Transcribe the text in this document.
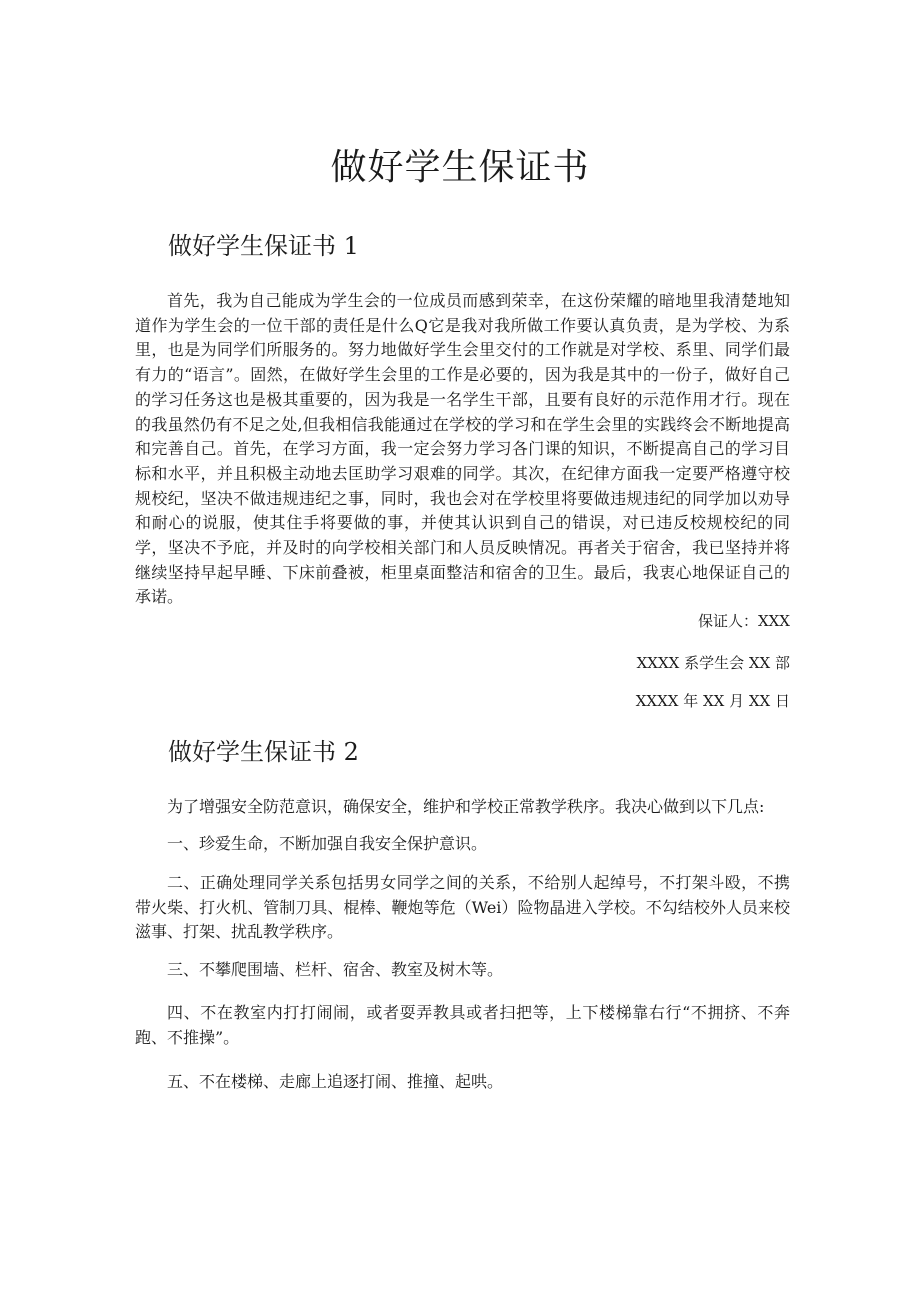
做好学生保证书
做好学生保证书 1

首先，我为自己能成为学生会的一位成员而感到荣幸，在这份荣耀的暗地里我清楚地知道作为学生会的一位干部的责任是什么Q它是我对我所做工作要认真负责，是为学校、为系里，也是为同学们所服务的。努力地做好学生会里交付的工作就是对学校、系里、同学们最有力的“语言”。固然，在做好学生会里的工作是必要的，因为我是其中的一份子，做好自己的学习任务这也是极其重要的，因为我是一名学生干部，且要有良好的示范作用才行。现在的我虽然仍有不足之处,但我相信我能通过在学校的学习和在学生会里的实践终会不断地提高和完善自己。首先，在学习方面，我一定会努力学习各门课的知识，不断提高自己的学习目标和水平，并且积极主动地去匡助学习艰难的同学。其次，在纪律方面我一定要严格遵守校规校纪，坚决不做违规违纪之事，同时，我也会对在学校里将要做违规违纪的同学加以劝导和耐心的说服，使其住手将要做的事，并使其认识到自己的错误，对已违反校规校纪的同学，坚决不予庇，并及时的向学校相关部门和人员反映情况。再者关于宿舍，我已坚持并将继续坚持早起早睡、下床前叠被，柜里桌面整洁和宿舍的卫生。最后，我衷心地保证自己的承诺。

保证人：XXX

XXXX 系学生会 XX 部

XXXX 年 XX 月 XX 日

做好学生保证书 2

为了增强安全防范意识，确保安全，维护和学校正常教学秩序。我决心做到以下几点:

一、珍爱生命，不断加强自我安全保护意识。

二、正确处理同学关系包括男女同学之间的关系，不给别人起绰号，不打架斗殴，不携带火柴、打火机、管制刀具、棍棒、鞭炮等危（Wei）险物晶进入学校。不勾结校外人员来校滋事、打架、扰乱教学秩序。

三、不攀爬围墙、栏杆、宿舍、教室及树木等。

四、不在教室内打打闹闹，或者耍弄教具或者扫把等，上下楼梯靠右行“不拥挤、不奔跑、不推操”。

五、不在楼梯、走廊上追逐打闹、推撞、起哄。
